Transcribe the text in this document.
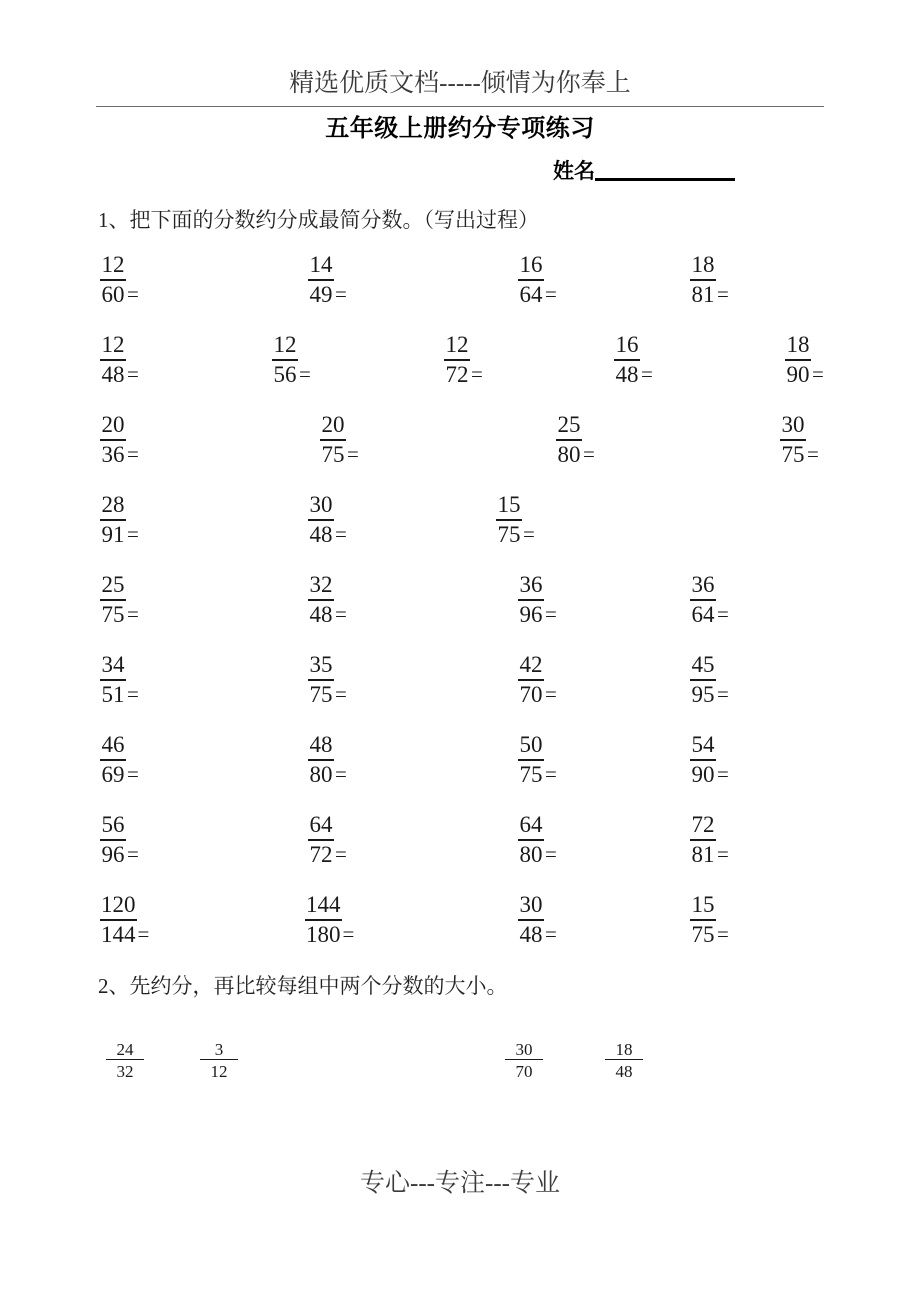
精选优质文档-----倾情为你奉上
五年级上册约分专项练习
姓名
1、把下面的分数约分成最简分数。（写出过程）
2、先约分，再比较每组中两个分数的大小。
$\frac{12}{60}$ =	$\frac{14}{49}$ =	$\frac{16}{64}$ =	$\frac{18}{81}$ =
$\frac{12}{48}$ =	$\frac{12}{56}$ =	$\frac{12}{72}$ =	$\frac{16}{48}$ =	$\frac{18}{90}$ =
$\frac{20}{36}$ =	$\frac{20}{75}$ =	$\frac{25}{80}$ =	$\frac{30}{75}$ =
$\frac{28}{91}$ =	$\frac{30}{48}$ =	$\frac{15}{75}$ =
$\frac{25}{75}$ =	$\frac{32}{48}$ =	$\frac{36}{96}$ =	$\frac{36}{64}$ =
$\frac{34}{51}$ =	$\frac{35}{75}$ =	$\frac{42}{70}$ =	$\frac{45}{95}$ =
$\frac{46}{69}$ =	$\frac{48}{80}$ =	$\frac{50}{75}$ =	$\frac{54}{90}$ =
$\frac{56}{96}$ =	$\frac{64}{72}$ =	$\frac{64}{80}$ =	$\frac{72}{81}$ =
$\frac{120}{144}$ =	$\frac{144}{180}$ =	$\frac{30}{48}$ =	$\frac{15}{75}$ =
$\frac{24}{32}$	$\frac{3}{12}$	$\frac{30}{70}$	$\frac{18}{48}$
专心---专注---专业
